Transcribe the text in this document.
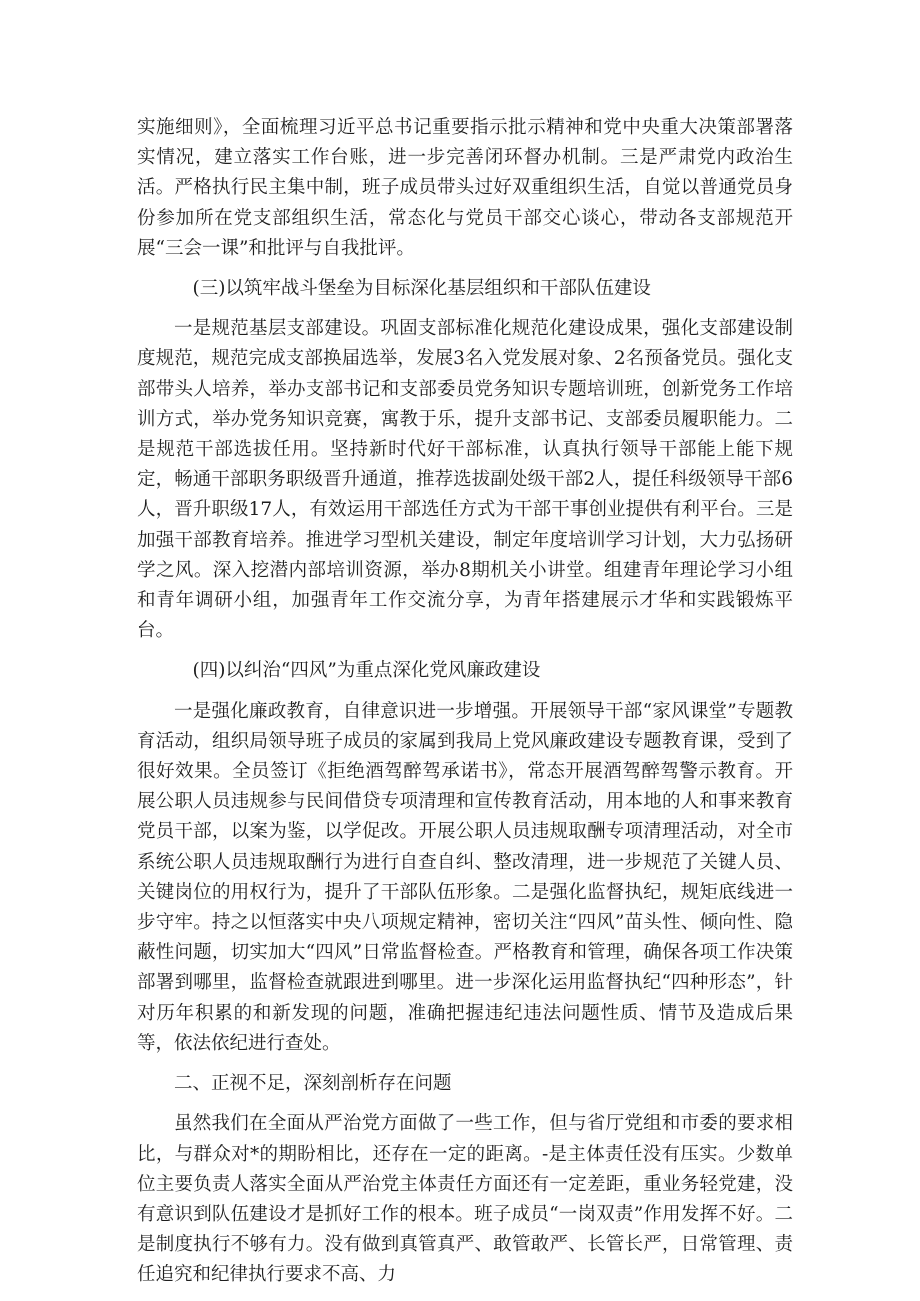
实施细则》，全面梳理习近平总书记重要指示批示精神和党中央重大决策部署落实情况，建立落实工作台账，进一步完善闭环督办机制。三是严肃党内政治生活。严格执行民主集中制，班子成员带头过好双重组织生活，自觉以普通党员身份参加所在党支部组织生活，常态化与党员干部交心谈心，带动各支部规范开展“三会一课”和批评与自我批评。

(三)以筑牢战斗堡垒为目标深化基层组织和干部队伍建设

一是规范基层支部建设。巩固支部标准化规范化建设成果，强化支部建设制度规范，规范完成支部换届选举，发展3名入党发展对象、2名预备党员。强化支部带头人培养，举办支部书记和支部委员党务知识专题培训班，创新党务工作培训方式，举办党务知识竞赛，寓教于乐，提升支部书记、支部委员履职能力。二是规范干部选拔任用。坚持新时代好干部标准，认真执行领导干部能上能下规定，畅通干部职务职级晋升通道，推荐选拔副处级干部2人，提任科级领导干部6人，晋升职级17人，有效运用干部选任方式为干部干事创业提供有利平台。三是加强干部教育培养。推进学习型机关建设，制定年度培训学习计划，大力弘扬研学之风。深入挖潜内部培训资源，举办8期机关小讲堂。组建青年理论学习小组和青年调研小组，加强青年工作交流分享，为青年搭建展示才华和实践锻炼平台。

(四)以纠治“四风”为重点深化党风廉政建设

一是强化廉政教育，自律意识进一步增强。开展领导干部“家风课堂”专题教育活动，组织局领导班子成员的家属到我局上党风廉政建设专题教育课，受到了很好效果。全员签订《拒绝酒驾醉驾承诺书》，常态开展酒驾醉驾警示教育。开展公职人员违规参与民间借贷专项清理和宣传教育活动，用本地的人和事来教育党员干部，以案为鉴，以学促改。开展公职人员违规取酬专项清理活动，对全市系统公职人员违规取酬行为进行自查自纠、整改清理，进一步规范了关键人员、关键岗位的用权行为，提升了干部队伍形象。二是强化监督执纪，规矩底线进一步守牢。持之以恒落实中央八项规定精神，密切关注“四风”苗头性、倾向性、隐蔽性问题，切实加大“四风”日常监督检查。严格教育和管理，确保各项工作决策部署到哪里，监督检查就跟进到哪里。进一步深化运用监督执纪“四种形态”，针对历年积累的和新发现的问题，准确把握违纪违法问题性质、情节及造成后果等，依法依纪进行查处。

二、正视不足，深刻剖析存在问题

虽然我们在全面从严治党方面做了一些工作，但与省厅党组和市委的要求相比，与群众对*的期盼相比，还存在一定的距离。-是主体责任没有压实。少数单位主要负责人落实全面从严治党主体责任方面还有一定差距，重业务轻党建，没有意识到队伍建设才是抓好工作的根本。班子成员“一岗双责”作用发挥不好。二是制度执行不够有力。没有做到真管真严、敢管敢严、长管长严，日常管理、责任追究和纪律执行要求不高、力
